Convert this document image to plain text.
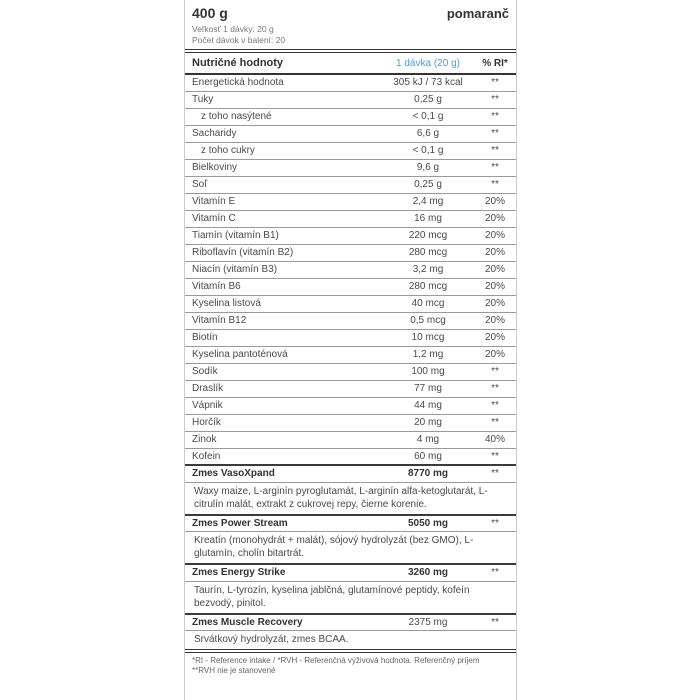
400 g	pomaranč
Veľkosť 1 dávky: 20 g
Počet dávok v balení: 20
Nutričné hodnoty	1 dávka (20 g)	% RI*
Energetická hodnota	305 kJ / 73 kcal	**
Tuky	0,25 g	**
z toho nasýtené	< 0,1 g	**
Sacharidy	6,6 g	**
z toho cukry	< 0,1 g	**
Bielkoviny	9,6 g	**
Soľ	0,25 g	**
Vitamín E	2,4 mg	20%
Vitamín C	16 mg	20%
Tiamín (vitamín B1)	220 mcg	20%
Riboflavín (vitamín B2)	280 mcg	20%
Niacín (vitamín B3)	3,2 mg	20%
Vitamín B6	280 mcg	20%
Kyselina listová	40 mcg	20%
Vitamín B12	0,5 mcg	20%
Biotín	10 mcg	20%
Kyselina pantoténová	1,2 mg	20%
Sodík	100 mg	**
Draslík	77 mg	**
Vápnik	44 mg	**
Horčík	20 mg	**
Zinok	4 mg	40%
Kofein	60 mg	**
Zmes VasoXpand	8770 mg	**
Waxy maize, L-arginín pyroglutamát, L-arginín alfa-ketoglutarát, L-citrulín malát, extrakt z cukrovej repy, čierne korenie.		
Zmes Power Stream	5050 mg	**
Kreatín (monohydrát + malát), sójový hydrolyzát (bez GMO), L-glutamín, cholín bitartrát.		
Zmes Energy Strike	3260 mg	**
Taurín, L-tyrozín, kyselina jablčná, glutamínové peptidy, kofeín bezvodý, pinitol.		
Zmes Muscle Recovery	2375 mg	**
Srvátkový hydrolyzát, zmes BCAA.		
*RI - Reference intake / *RVH - Referenčná výživová hodnota. Referenčný príjem
**RVH nie je stanovené
